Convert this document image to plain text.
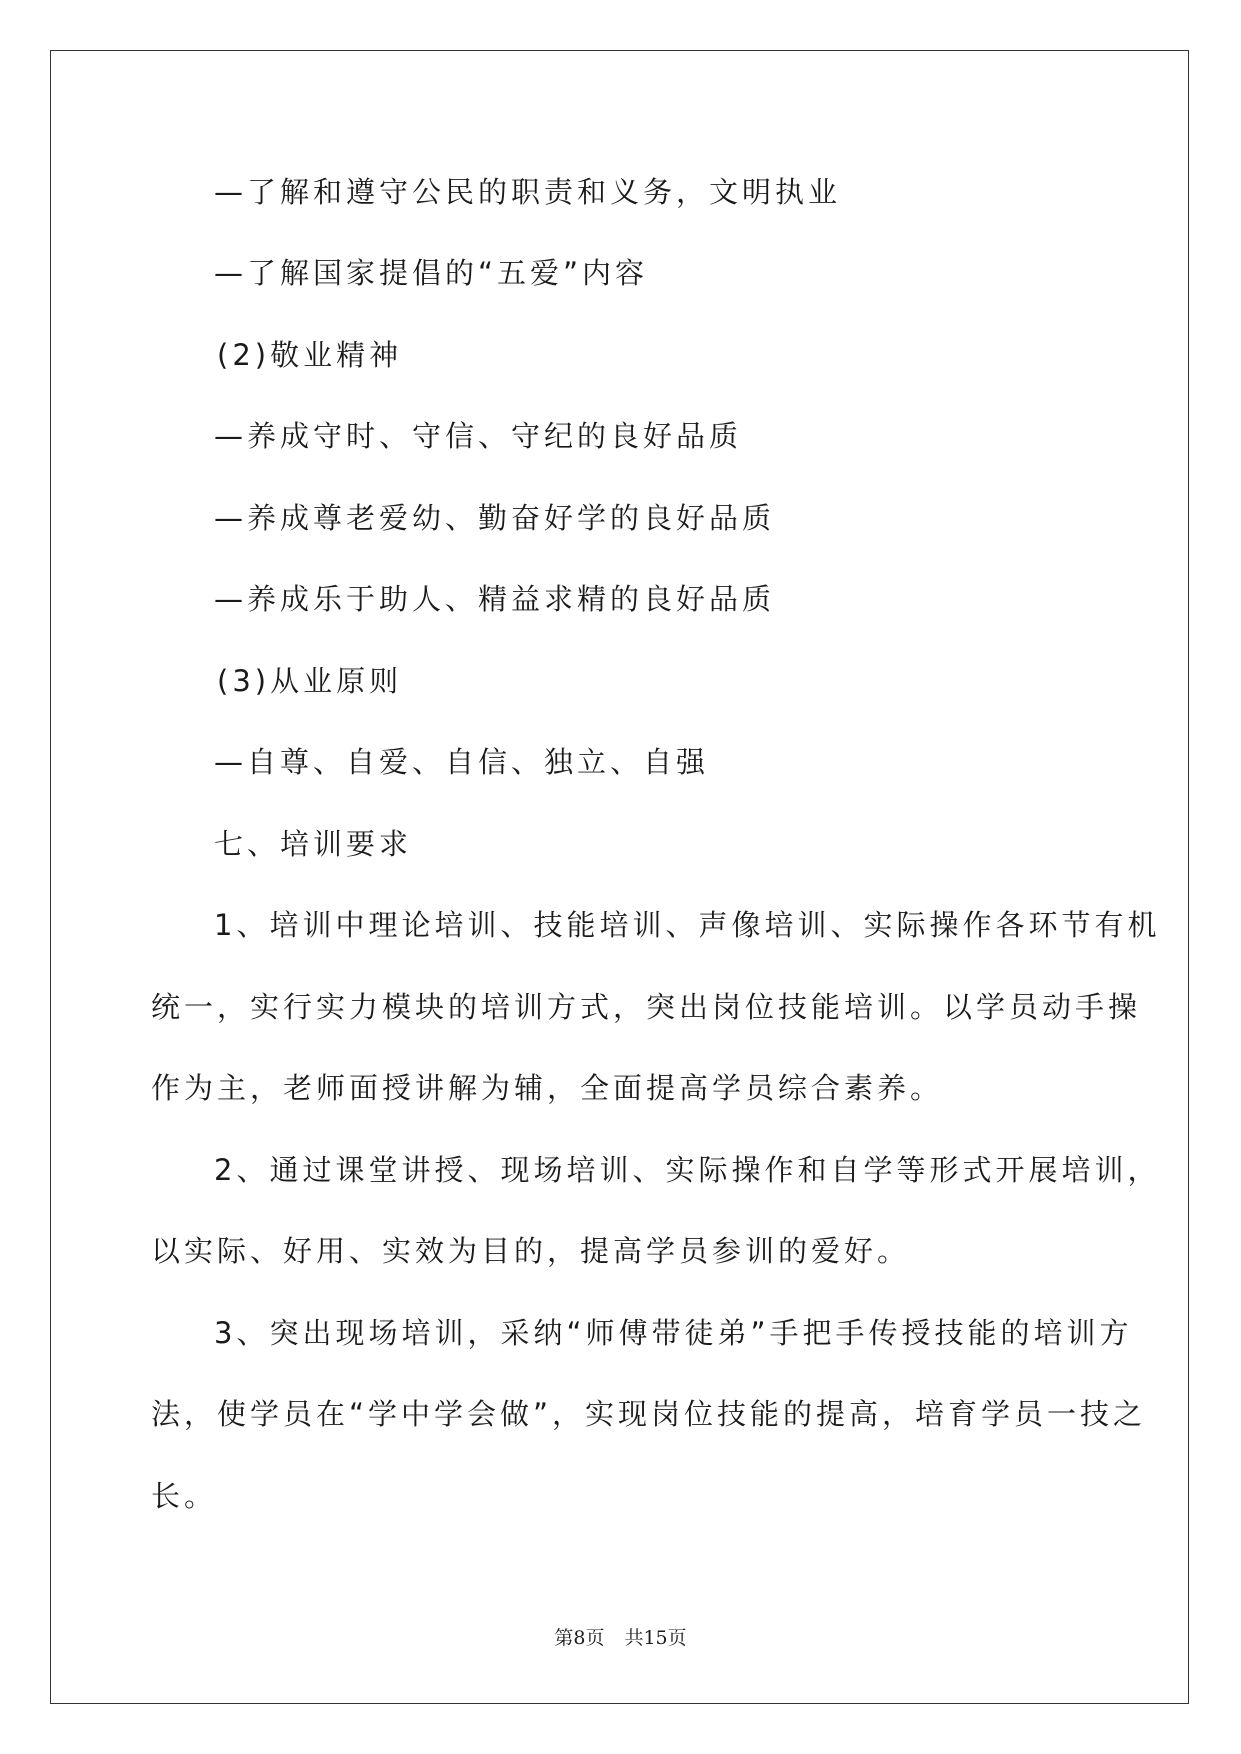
—了解和遵守公民的职责和义务，文明执业
—了解国家提倡的“五爱”内容
(2)敬业精神
—养成守时、守信、守纪的良好品质
—养成尊老爱幼、勤奋好学的良好品质
—养成乐于助人、精益求精的良好品质
(3)从业原则
—自尊、自爱、自信、独立、自强
七、培训要求
1、培训中理论培训、技能培训、声像培训、实际操作各环节有机
统一，实行实力模块的培训方式，突出岗位技能培训。以学员动手操
作为主，老师面授讲解为辅，全面提高学员综合素养。
2、通过课堂讲授、现场培训、实际操作和自学等形式开展培训，
以实际、好用、实效为目的，提高学员参训的爱好。
3、突出现场培训，采纳“师傅带徒弟”手把手传授技能的培训方
法，使学员在“学中学会做”，实现岗位技能的提高，培育学员一技之
长。
第8页 共15页
